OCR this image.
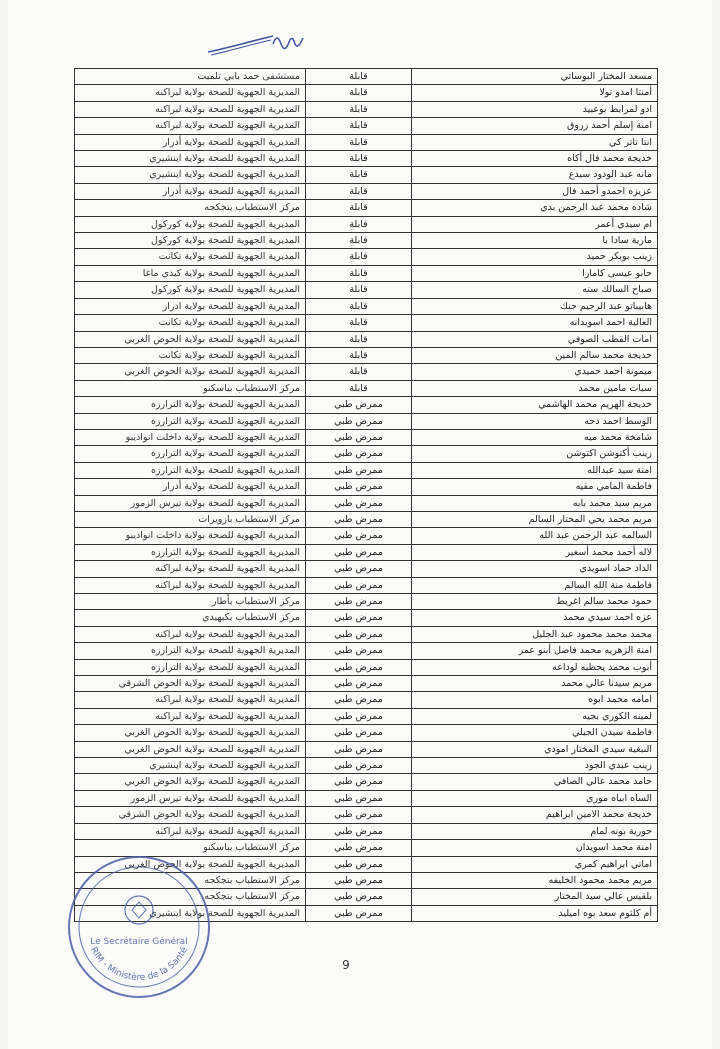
مسعد المختار البوساتي	قابلة	مستشفى حمد بابي تلميت
أمنتا امدو تولا	قابلة	المديرية الجهوية للصحة بولاية لبراكنه
ادو لمرابط بوعبيد	قابلة	المديرية الجهوية للصحة بولاية لبراكنه
امنة إسلم أحمد زروق	قابلة	المديرية الجهوية للصحة بولاية لبراكنه
انتا تاتر كي	قابلة	المديرية الجهوية للصحة بولاية أدرار
خديجة محمد فال أكاه	قابلة	المديرية الجهوية للصحة بولاية اينشيري
مانه عبد الودود سيدع	قابلة	المديرية الجهوية للصحة بولاية اينشيري
عزيزه احمدو أحمد فال	قابلة	المديرية الجهوية للصحة بولاية أدرار
شاده محمد عبد الرحمن بدي	قابلة	مركز الاستطباب بتجكجه
ام سيدي أعمر	قابلة	المديرية الجهوية للصحة بولاية كوركول
مارية سادا با	قابلة	المديرية الجهوية للصحة بولاية كوركول
زينب بوبكر حميد	قابلة	المديرية الجهوية للصحة بولاية تكانت
حابو عيسى كامارا	قابلة	المديرية الجهوية للصحة بولاية كيدي ماغا
صباح السالك سته	قابلة	المديرية الجهوية للصحة بولاية كوركول
هابيباتو عبد الرحيم جنك	قابلة	المديرية الجهوية للصحة بولاية ادرار
العالية احمد اسويدانه	قابلة	المديرية الجهوية للصحة بولاية تكانت
امات القطب الصوفي	قابلة	المديرية الجهوية للصحة بولاية الحوض الغربي
خديجة محمد سالم المين	قابلة	المديرية الجهوية للصحة بولاية تكانت
ميمونة احمد حميدي	قابلة	المديرية الجهوية للصحة بولاية الحوض الغربي
سيات مامين محمد	قابلة	مركز الاستطباب بباسكنو
خديجة الهريم محمد الهاشمي	ممرض طبي	المديرية الجهوية للصحة بولاية الترارزه
الوسط احمد دحه	ممرض طبي	المديرية الجهوية للصحة بولاية الترارزه
شامخة محمد ميه	ممرض طبي	المديرية الجهوية للصحة بولاية داخلت انواذيبو
زينب أكتوشن اكتوشن	ممرض طبي	المديرية الجهوية للصحة بولاية الترارزه
امنة سيد عبدالله	ممرض طبي	المديرية الجهوية للصحة بولاية الترارزه
فاطمة المامي مقيه	ممرض طبي	المديرية الجهوية للصحة بولاية أدرار
مريم سيد محمد بابه	ممرض طبي	المديرية الجهوية للصحة بولاية تيرس الزمور
مريم محمد يحي المختار السالم	ممرض طبي	مركز الاستطباب بازويرات
السالمه عبد الرحمن عبد الله	ممرض طبي	المديرية الجهوية للصحة بولاية داخلت انواذيبو
لاله أحمد محمد أسغير	ممرض طبي	المديرية الجهوية للصحة بولاية الترارزه
الداد حماد اسويدي	ممرض طبي	المديرية الجهوية للصحة بولاية لبراكنه
فاطمة منة الله السالم	ممرض طبي	المديرية الجهوية للصحة بولاية لبراكنه
حمود محمد سالم اغريط	ممرض طبي	مركز الاستطباب بأطار
عزه احمد سيدي محمد	ممرض طبي	مركز الاستطباب بكيهيدي
محمد محمد محمود عبد الجليل	ممرض طبي	المديرية الجهوية للصحة بولاية لبراكنه
امنة الزهريه محمد فاضل أبنو عمر	ممرض طبي	المديرية الجهوية للصحة بولاية الترارزه
أبوب محمد يحظيه لوداعه	ممرض طبي	المديرية الجهوية للصحة بولاية الترارزه
مريم سيدنا عالي محمد	ممرض طبي	المديرية الجهوية للصحة بولاية الحوض الشرقي
امامه محمد ابوه	ممرض طبي	المديرية الجهوية للصحة بولاية لبراكنه
لمينه الكوري بجيه	ممرض طبي	المديرية الجهوية للصحة بولاية لبراكنه
فاطمة سيدن الجيلي	ممرض طبي	المديرية الجهوية للصحة بولاية الحوض الغربي
النبغية سيدي المختار امودي	ممرض طبي	المديرية الجهوية للصحة بولاية الحوض الغربي
زينب عبدي الجود	ممرض طبي	المديرية الجهوية للصحة بولاية اينشيري
حامد محمد عالي الصافي	ممرض طبي	المديرية الجهوية للصحة بولاية الحوض الغربي
الساه ابياه موري	ممرض طبي	المديرية الجهوية للصحة بولاية تيرس الزمور
خديجة محمد الامين ابراهيم	ممرض طبي	المديرية الجهوية للصحة بولاية الحوض الشرقي
حورية بونه لمام	ممرض طبي	المديرية الجهوية للصحة بولاية لبراكنه
امنة محمد اسويدان	ممرض طبي	مركز الاستطباب بباسكنو
اماتي ابراهيم كمري	ممرض طبي	المديرية الجهوية للصحة بولاية الحوض الغربي
مريم محمد محمود الخليفه	ممرض طبي	مركز الاستطباب بتجكجه
بلقيس عالي سيد المختار	ممرض طبي	مركز الاستطباب بتجكجه
أم كلثوم سعد بوه اميليد	ممرض طبي	المديرية الجهوية للصحة بولاية اينشيري
9
Le Secrétaire Général
RIM - Ministère de la Santé
